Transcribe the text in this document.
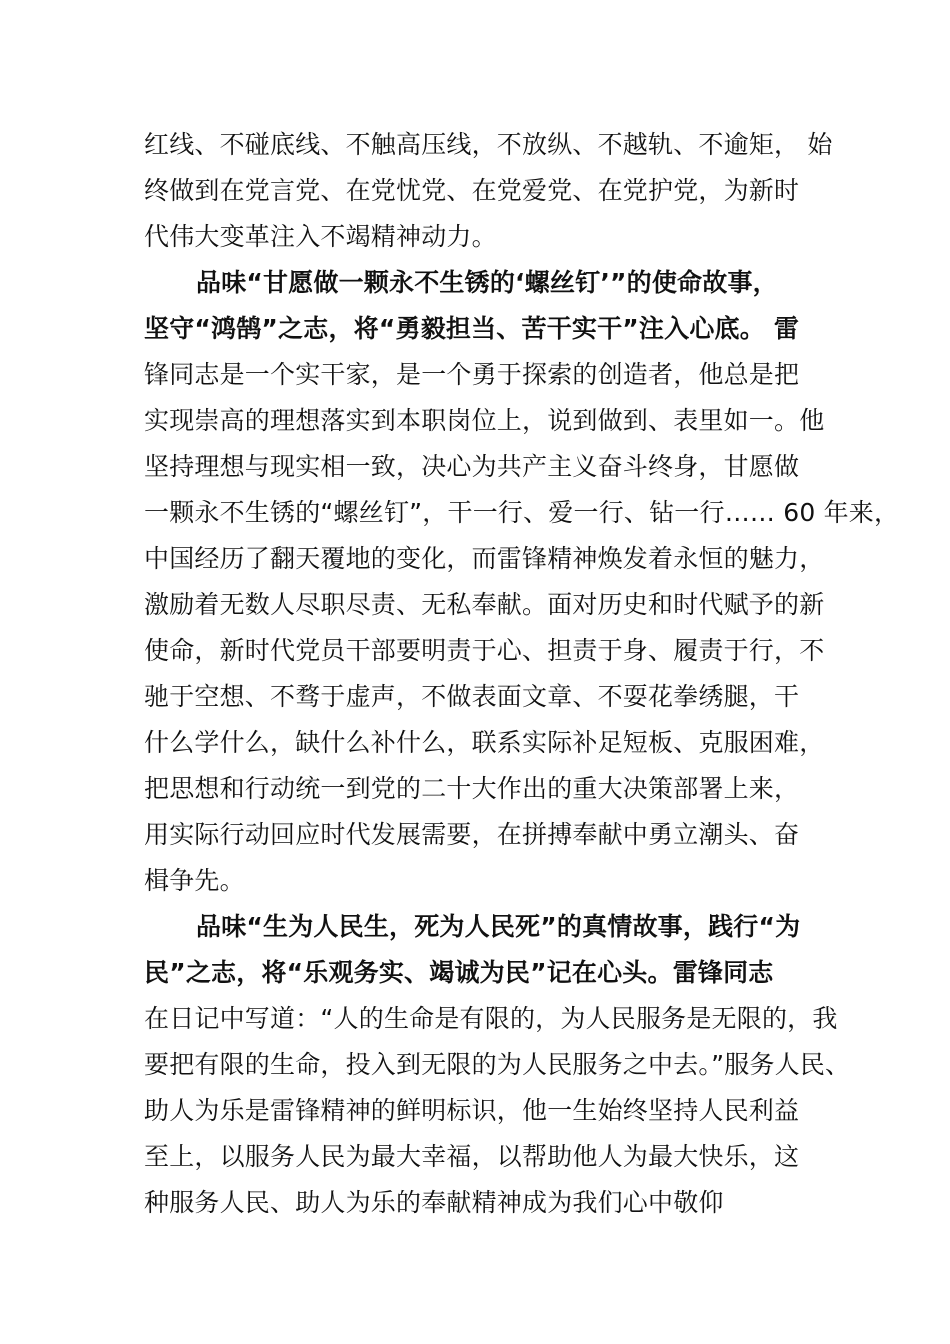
红线、不碰底线、不触高压线，不放纵、不越轨、不逾矩， 始
终做到在党言党、在党忧党、在党爱党、在党护党，为新时
代伟大变革注入不竭精神动力。
品味“甘愿做一颗永不生锈的‘螺丝钉’”的使命故事，
坚守“鸿鹄”之志，将“勇毅担当、苦干实干”注入心底。 雷
锋同志是一个实干家，是一个勇于探索的创造者，他总是把
实现崇高的理想落实到本职岗位上，说到做到、表里如一。他
坚持理想与现实相一致，决心为共产主义奋斗终身，甘愿做
一颗永不生锈的“螺丝钉”，干一行、爱一行、钻一行…… 60 年来，
中国经历了翻天覆地的变化，而雷锋精神焕发着永恒的魅力，
激励着无数人尽职尽责、无私奉献。面对历史和时代赋予的新
使命，新时代党员干部要明责于心、担责于身、履责于行，不
驰于空想、不骛于虚声，不做表面文章、不耍花拳绣腿，干
什么学什么，缺什么补什么，联系实际补足短板、克服困难，
把思想和行动统一到党的二十大作出的重大决策部署上来，
用实际行动回应时代发展需要，在拼搏奉献中勇立潮头、奋
楫争先。
品味“生为人民生，死为人民死”的真情故事，践行“为
民”之志，将“乐观务实、竭诚为民”记在心头。雷锋同志
在日记中写道：“人的生命是有限的，为人民服务是无限的，我
要把有限的生命，投入到无限的为人民服务之中去。”服务人民、
助人为乐是雷锋精神的鲜明标识，他一生始终坚持人民利益
至上，以服务人民为最大幸福，以帮助他人为最大快乐，这
种服务人民、助人为乐的奉献精神成为我们心中敬仰
